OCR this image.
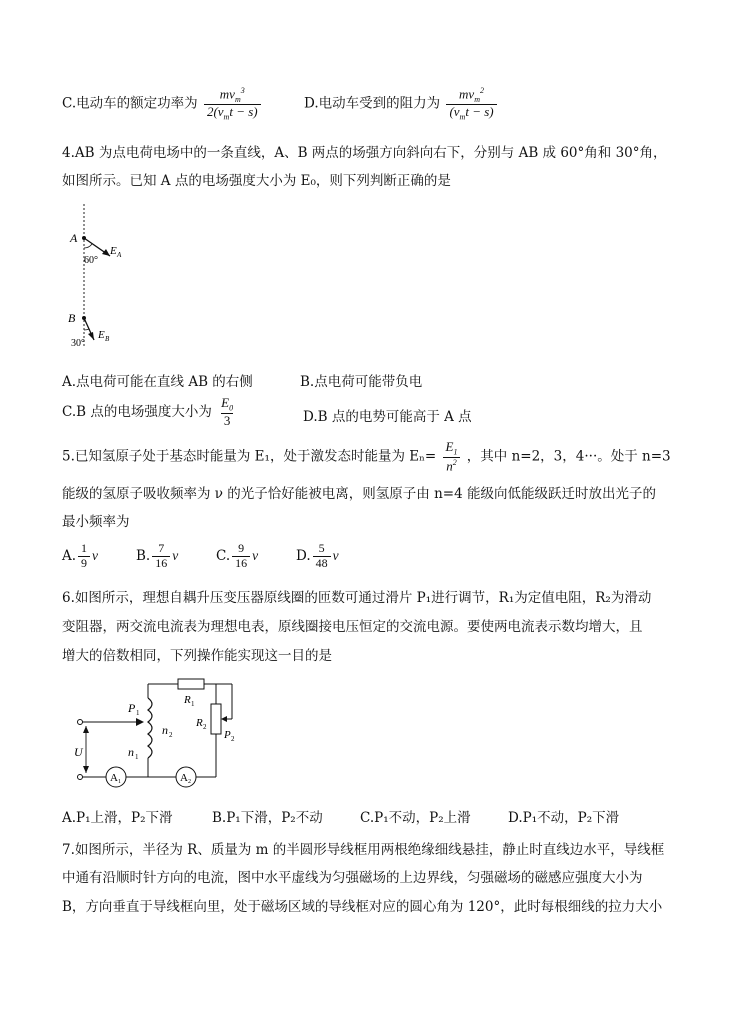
C.电动车的额定功率为 $\frac{mv_m^3}{2(v_mt - s)}$	D.电动车受到的阻力为 $\frac{mv_m^2}{(v_mt - s)}$
4.AB 为点电荷电场中的一条直线，A、B 两点的场强方向斜向右下，分别与 AB 成 60°角和 30°角，
如图所示。已知 A 点的电场强度大小为 E₀，则下列判断正确的是
A
E A
60°
B
E B
30°
A.点电荷可能在直线 AB 的右侧	B.点电荷可能带负电
C.B 点的电场强度大小为 $\frac{E_0}{3}$	D.B 点的电势可能高于 A 点
5.已知氢原子处于基态时能量为 E₁，处于激发态时能量为 $E_n= \frac{E_1}{n^2}$ ，其中 n=2，3，4···。处于 n=3
能级的氢原子吸收频率为 ν 的光子恰好能被电离，则氢原子由 n=4 能级向低能级跃迁时放出光子的
最小频率为
A. $\frac{1}{9}$ ν	B. $\frac{7}{16}$ ν	C. $\frac{9}{16}$ ν	D. $\frac{5}{48}$ ν
6.如图所示，理想自耦升压变压器原线圈的匝数可通过滑片 P₁进行调节，R₁为定值电阻，R₂为滑动
变阻器，两交流电流表为理想电表，原线圈接电压恒定的交流电源。要使两电流表示数均增大，且
增大的倍数相同，下列操作能实现这一目的是
U
P 1
n 2
n 1
R 1
R 2
P 2
A 1	A 2
A.P₁上滑，P₂下滑	B.P₁下滑，P₂不动	C.P₁不动，P₂上滑	D.P₁不动，P₂下滑
7.如图所示，半径为 R、质量为 m 的半圆形导线框用两根绝缘细线悬挂，静止时直线边水平，导线框
中通有沿顺时针方向的电流，图中水平虚线为匀强磁场的上边界线，匀强磁场的磁感应强度大小为
B，方向垂直于导线框向里，处于磁场区域的导线框对应的圆心角为 120°，此时每根细线的拉力大小
